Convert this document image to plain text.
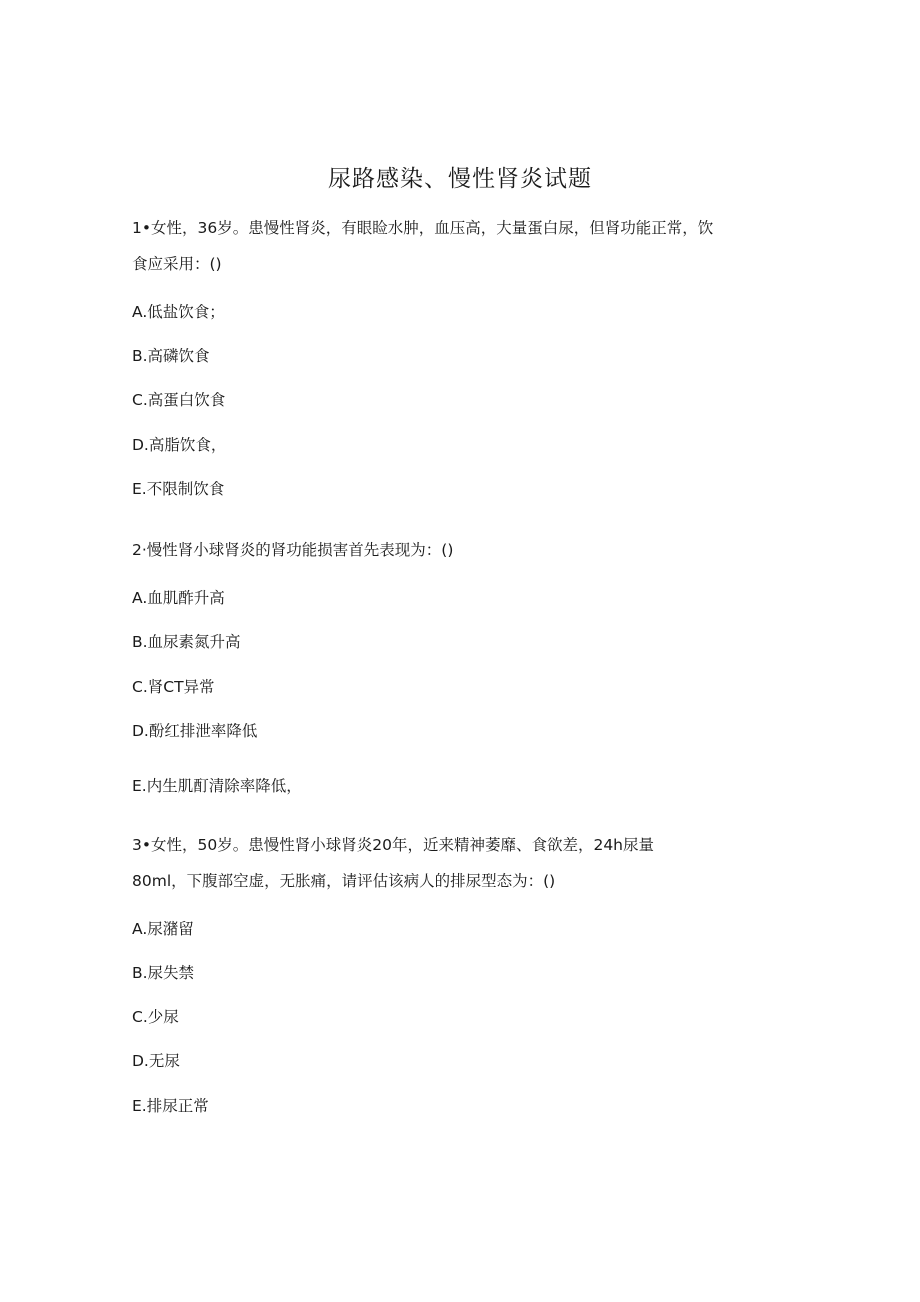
尿路感染、慢性肾炎试题

1•女性，36岁。患慢性肾炎，有眼睑水肿，血压高，大量蛋白尿，但肾功能正常，饮

食应采用：()

A.低盐饮食；

B.高磷饮食

C.高蛋白饮食

D.高脂饮食，

E.不限制饮食

2·慢性肾小球肾炎的肾功能损害首先表现为：()

A.血肌酢升高

B.血尿素氮升高

C.肾CT异常

D.酚红排泄率降低

E.内生肌酊清除率降低，

3•女性，50岁。患慢性肾小球肾炎20年，近来精神萎靡、食欲差，24h尿量

80ml，下腹部空虚，无胀痛，请评估该病人的排尿型态为：()

A.尿潴留

B.尿失禁

C.少尿

D.无尿

E.排尿正常
